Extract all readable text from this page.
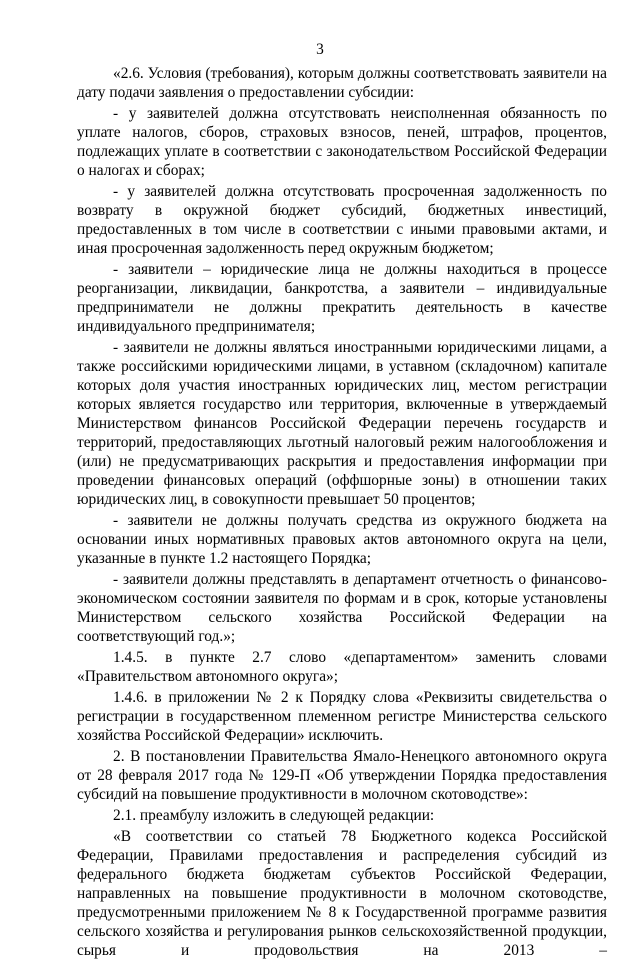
3

«2.6. Условия (требования), которым должны соответствовать заявители на дату подачи заявления о предоставлении субсидии:

- у заявителей должна отсутствовать неисполненная обязанность по уплате налогов, сборов, страховых взносов, пеней, штрафов, процентов, подлежащих уплате в соответствии с законодательством Российской Федерации о налогах и сборах;

- у заявителей должна отсутствовать просроченная задолженность по возврату в окружной бюджет субсидий, бюджетных инвестиций, предоставленных в том числе в соответствии с иными правовыми актами, и иная просроченная задолженность перед окружным бюджетом;

- заявители – юридические лица не должны находиться в процессе реорганизации, ликвидации, банкротства, а заявители – индивидуальные предприниматели не должны прекратить деятельность в качестве индивидуального предпринимателя;

- заявители не должны являться иностранными юридическими лицами, а также российскими юридическими лицами, в уставном (складочном) капитале которых доля участия иностранных юридических лиц, местом регистрации которых является государство или территория, включенные в утверждаемый Министерством финансов Российской Федерации перечень государств и территорий, предоставляющих льготный налоговый режим налогообложения и (или) не предусматривающих раскрытия и предоставления информации при проведении финансовых операций (оффшорные зоны) в отношении таких юридических лиц, в совокупности превышает 50 процентов;

- заявители не должны получать средства из окружного бюджета на основании иных нормативных правовых актов автономного округа на цели, указанные в пункте 1.2 настоящего Порядка;

- заявители должны представлять в департамент отчетность о финансово-экономическом состоянии заявителя по формам и в срок, которые установлены Министерством сельского хозяйства Российской Федерации на соответствующий год.»;

1.4.5. в пункте 2.7 слово «департаментом» заменить словами «Правительством автономного округа»;

1.4.6. в приложении № 2 к Порядку слова «Реквизиты свидетельства о регистрации в государственном племенном регистре Министерства сельского хозяйства Российской Федерации» исключить.

2. В постановлении Правительства Ямало-Ненецкого автономного округа от 28 февраля 2017 года № 129-П «Об утверждении Порядка предоставления субсидий на повышение продуктивности в молочном скотоводстве»:

2.1. преамбулу изложить в следующей редакции:

«В соответствии со статьей 78 Бюджетного кодекса Российской Федерации, Правилами предоставления и распределения субсидий из федерального бюджета бюджетам субъектов Российской Федерации, направленных на повышение продуктивности в молочном скотоводстве, предусмотренными приложением № 8 к Государственной программе развития сельского хозяйства и регулирования рынков сельскохозяйственной продукции, сырья и продовольствия на 2013 –
